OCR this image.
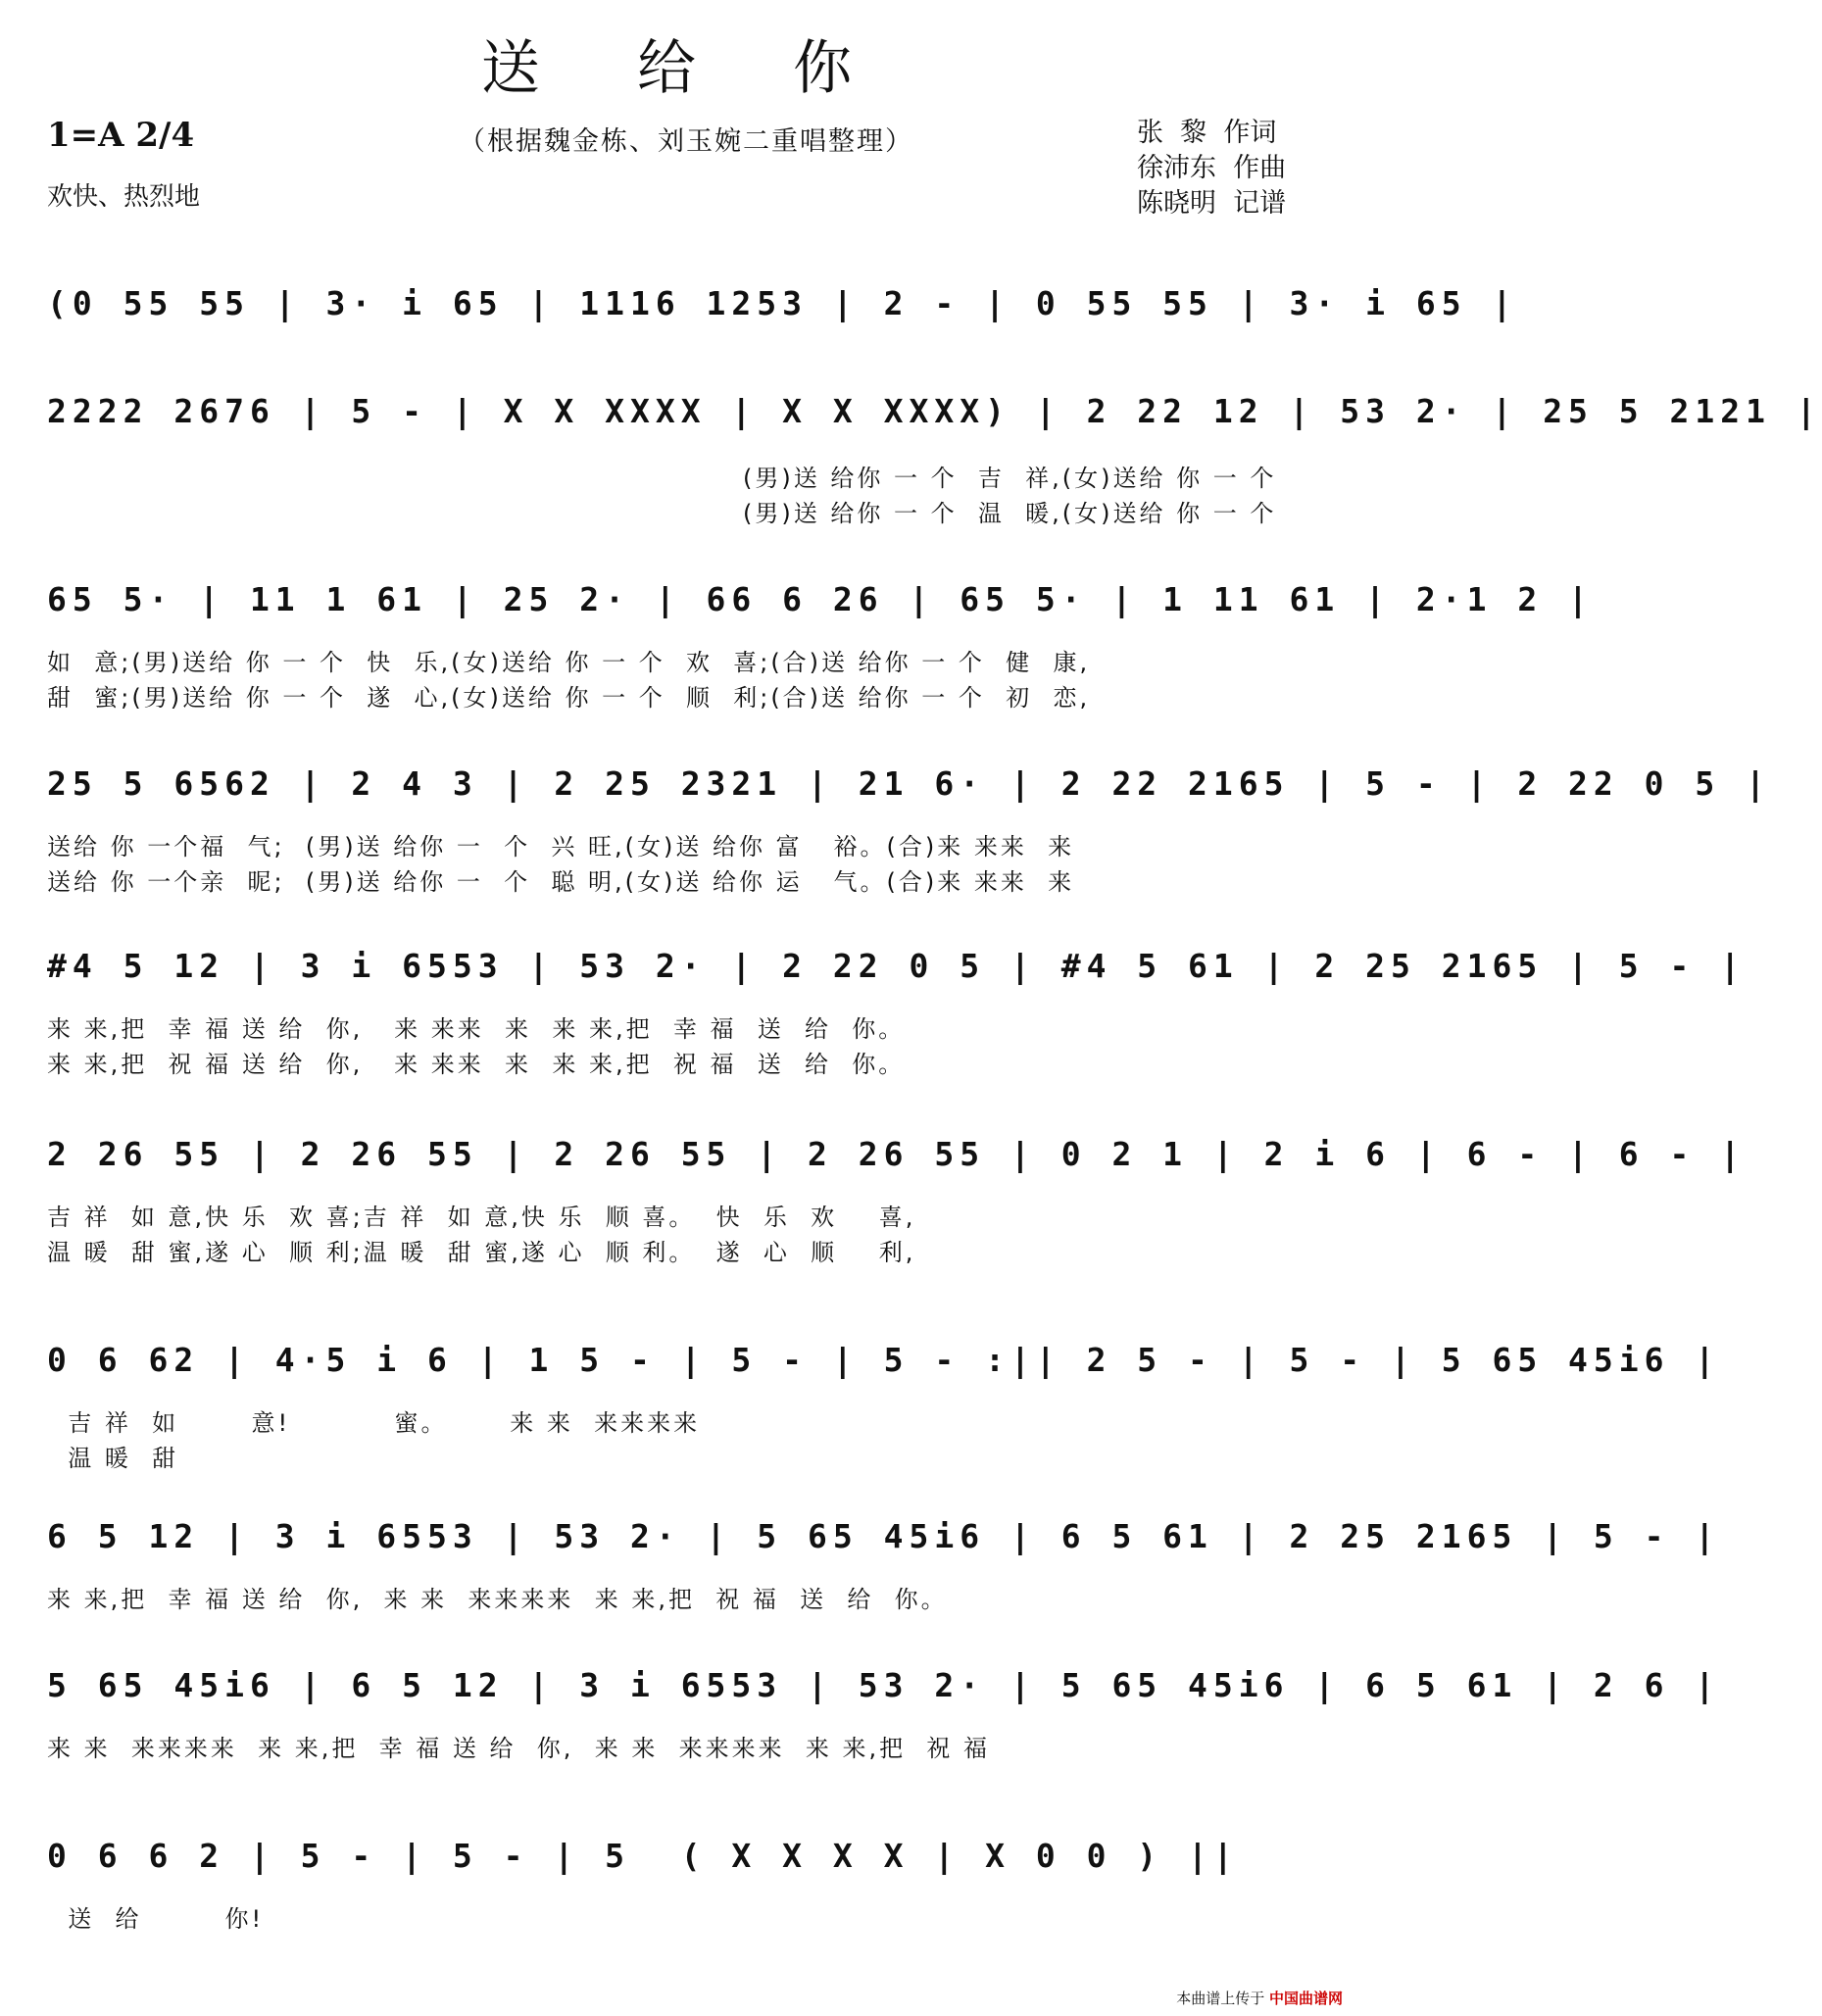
送 给 你
1=A 2/4	（根据魏金栋、刘玉婉二重唱整理）
欢快、热烈地
张  黎  作词
徐沛东  作曲
陈晓明  记谱
(0 55 55 | 3· i 65 | 1116 1253 | 2 - | 0 55 55 | 3· i 65 |
2222 2676 | 5 - | X X XXXX | X X XXXX) | 2 22 12 | 53 2· | 25 5 2121 |
(男)送 给你 一 个  吉  祥,(女)送给 你 一 个
(男)送 给你 一 个  温  暖,(女)送给 你 一 个
65 5· | 11 1 61 | 25 2· | 66 6 26 | 65 5· | 1 11 61 | 2·1 2 |
如  意;(男)送给 你 一 个  快  乐,(女)送给 你 一 个  欢  喜;(合)送 给你 一 个  健  康,
甜  蜜;(男)送给 你 一 个  遂  心,(女)送给 你 一 个  顺  利;(合)送 给你 一 个  初  恋,
25 5 6562 | 2 4 3 | 2 25 2321 | 21 6· | 2 22 2165 | 5 - | 2 22 0 5 |
送给 你 一个福  气;  (男)送 给你 一  个  兴 旺,(女)送 给你 富   裕。(合)来 来来  来
送给 你 一个亲  昵;  (男)送 给你 一  个  聪 明,(女)送 给你 运   气。(合)来 来来  来
#4 5 12 | 3 i 6553 | 53 2· | 2 22 0 5 | #4 5 61 | 2 25 2165 | 5 - |
来 来,把  幸 福 送 给  你,   来 来来  来  来 来,把  幸 福  送  给  你。
来 来,把  祝 福 送 给  你,   来 来来  来  来 来,把  祝 福  送  给  你。
2 26 55 | 2 26 55 | 2 26 55 | 2 26 55 | 0 2 1 | 2 i 6 | 6 - | 6 - |
吉 祥  如 意,快 乐  欢 喜;吉 祥  如 意,快 乐  顺 喜。  快  乐  欢    喜,
温 暖  甜 蜜,遂 心  顺 利;温 暖  甜 蜜,遂 心  顺 利。  遂  心  顺    利,
0 6 62 | 4·5 i 6 | 1 5 - | 5 - | 5 - :|| 2 5 - | 5 - | 5 65 45i6 |
吉 祥  如       意!          蜜。      来 来  来来来来
温 暖  甜
6 5 12 | 3 i 6553 | 53 2· | 5 65 45i6 | 6 5 61 | 2 25 2165 | 5 - |
来 来,把  幸 福 送 给  你,  来 来  来来来来  来 来,把  祝 福  送  给  你。
5 65 45i6 | 6 5 12 | 3 i 6553 | 53 2· | 5 65 45i6 | 6 5 61 | 2 6 |
来 来  来来来来  来 来,把  幸 福 送 给  你,  来 来  来来来来  来 来,把  祝 福
0 6 6 2 | 5 - | 5 - | 5  ( X X X X | X 0 0 ) ||
送  给        你!
本曲谱上传于 中国曲谱网
